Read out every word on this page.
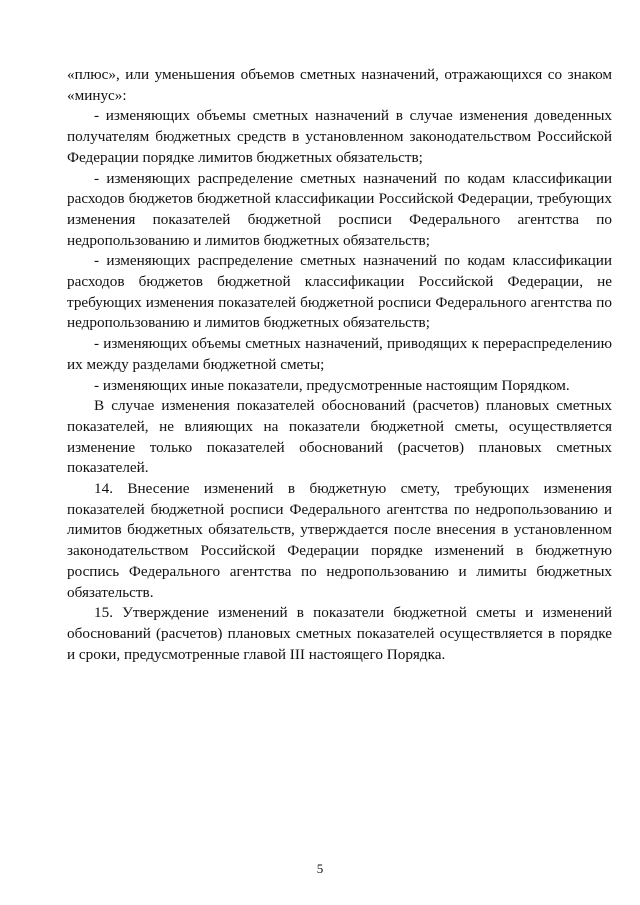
«плюс», или уменьшения объемов сметных назначений, отражающихся со знаком «минус»:

- изменяющих объемы сметных назначений в случае изменения доведенных получателям бюджетных средств в установленном законодательством Российской Федерации порядке лимитов бюджетных обязательств;

- изменяющих распределение сметных назначений по кодам классификации расходов бюджетов бюджетной классификации Российской Федерации, требующих изменения показателей бюджетной росписи Федерального агентства по недропользованию и лимитов бюджетных обязательств;

- изменяющих распределение сметных назначений по кодам классификации расходов бюджетов бюджетной классификации Российской Федерации, не требующих изменения показателей бюджетной росписи Федерального агентства по недропользованию и лимитов бюджетных обязательств;

- изменяющих объемы сметных назначений, приводящих к перераспределению их между разделами бюджетной сметы;

- изменяющих иные показатели, предусмотренные настоящим Порядком.

В случае изменения показателей обоснований (расчетов) плановых сметных показателей, не влияющих на показатели бюджетной сметы, осуществляется изменение только показателей обоснований (расчетов) плановых сметных показателей.

14. Внесение изменений в бюджетную смету, требующих изменения показателей бюджетной росписи Федерального агентства по недропользованию и лимитов бюджетных обязательств, утверждается после внесения в установленном законодательством Российской Федерации порядке изменений в бюджетную роспись Федерального агентства по недропользованию и лимиты бюджетных обязательств.

15. Утверждение изменений в показатели бюджетной сметы и изменений обоснований (расчетов) плановых сметных показателей осуществляется в порядке и сроки, предусмотренные главой III настоящего Порядка.

5
